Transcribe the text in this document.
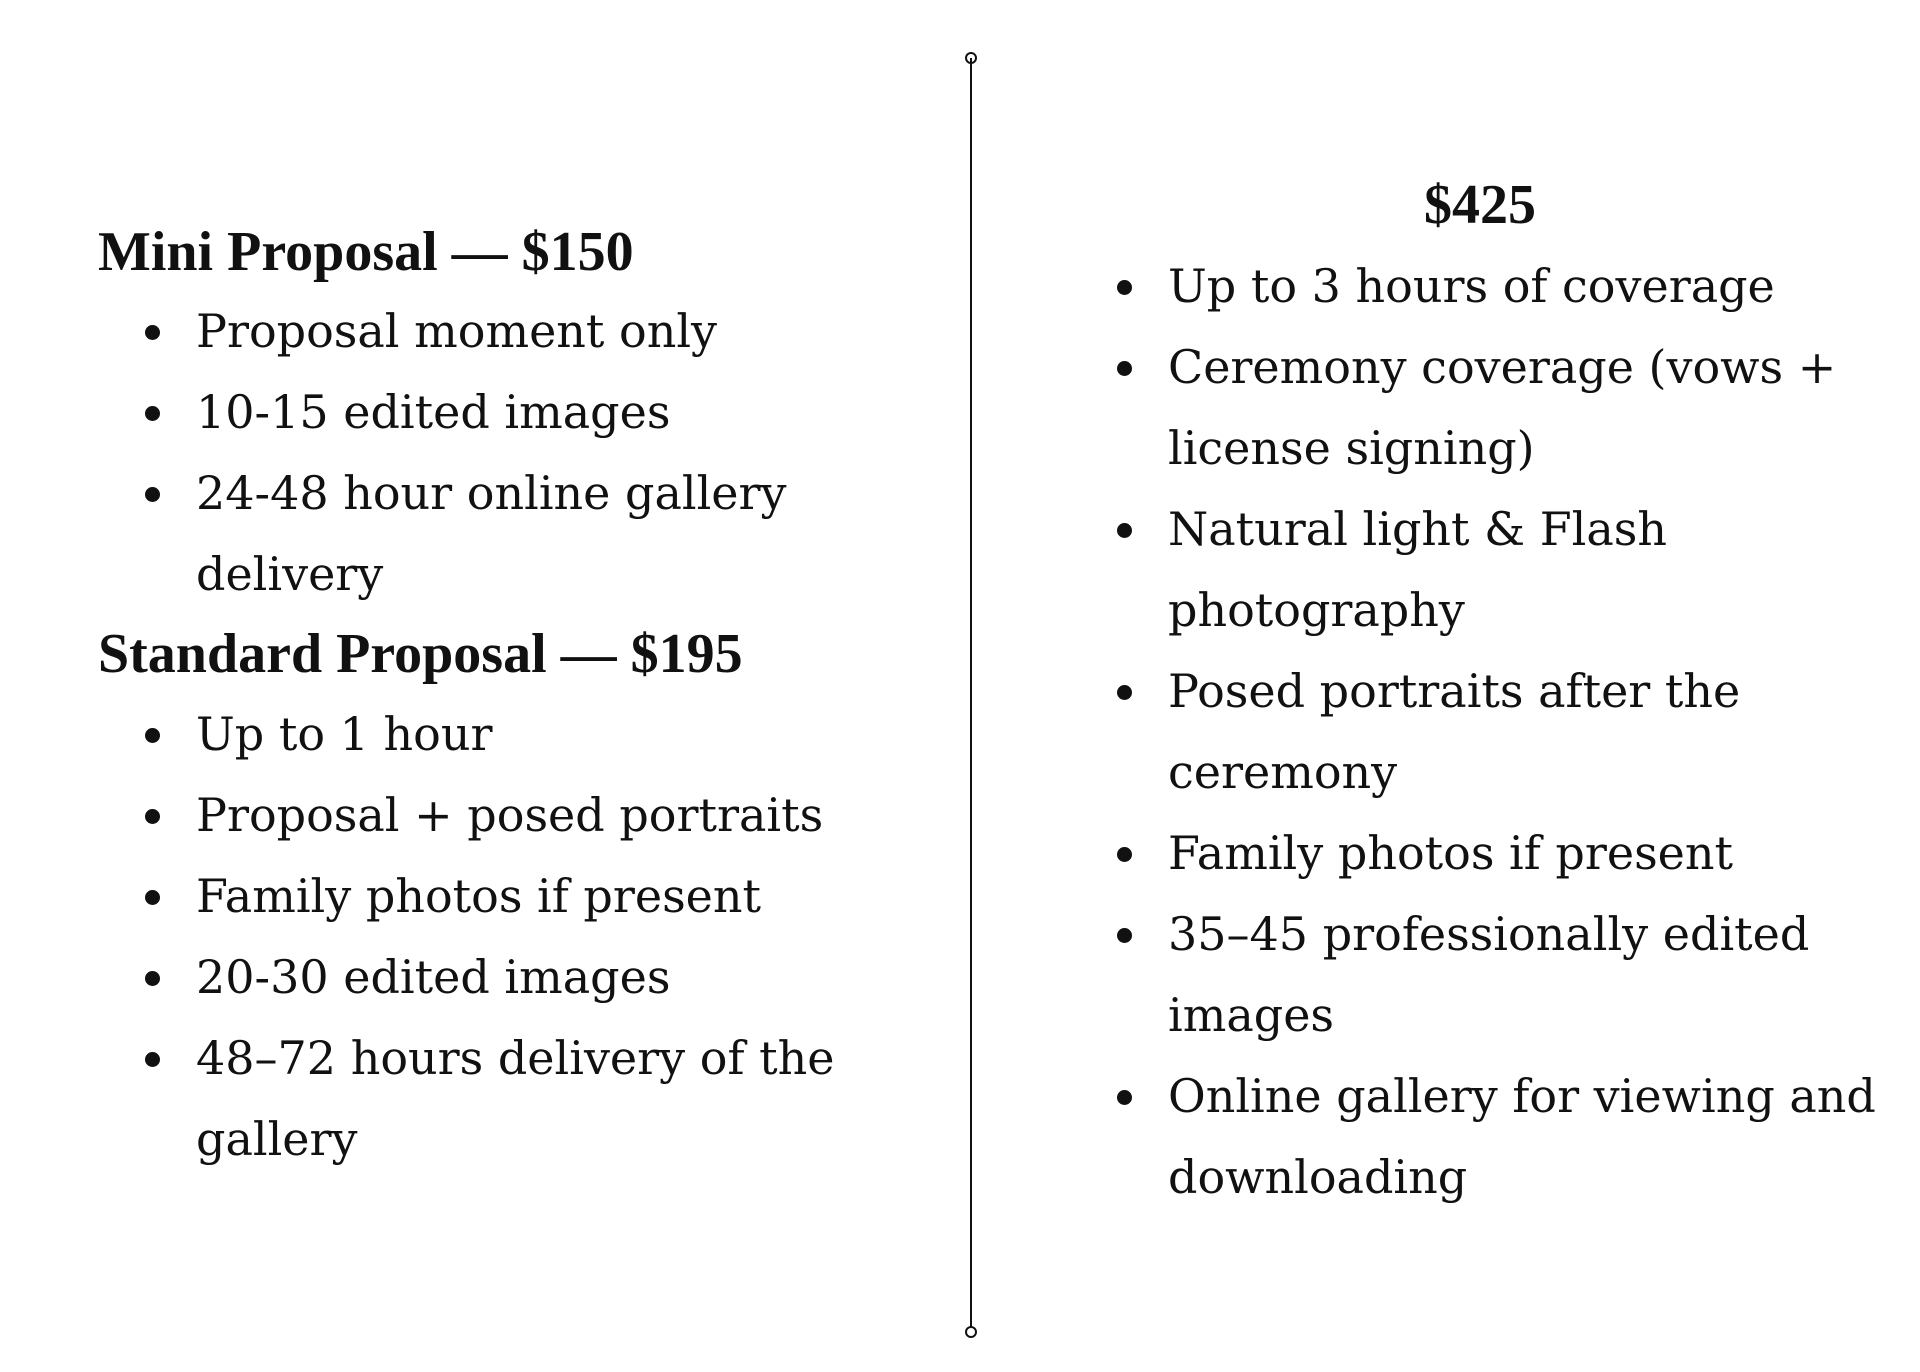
Mini Proposal — $150
Proposal moment only
10-15 edited images
24-48 hour online gallery delivery
Standard Proposal — $195
Up to 1 hour
Proposal + posed portraits
Family photos if present
20-30 edited images
48–72 hours delivery of the gallery
$425
Up to 3 hours of coverage
Ceremony coverage (vows + license signing)
Natural light & Flash photography
Posed portraits after the ceremony
Family photos if present
35–45 professionally edited images
Online gallery for viewing and downloading
